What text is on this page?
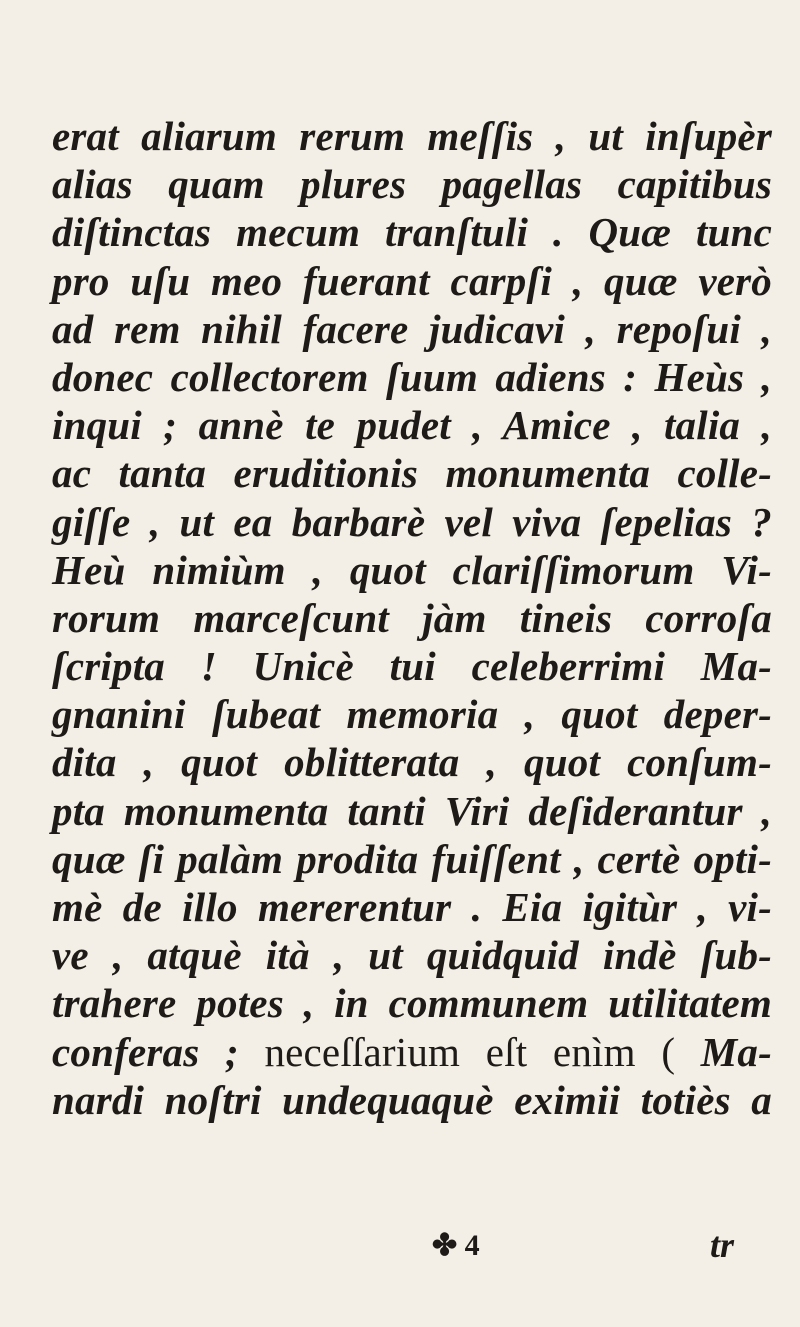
erat aliarum rerum meſſis , ut inſupèr
alias quam plures pagellas capitibus
diſtinctas mecum tranſtuli . Quæ tunc
pro uſu meo fuerant carpſi , quæ verò
ad rem nihil facere judicavi , repoſui ,
donec collectorem ſuum adiens : Heùs ,
inqui ; annè te pudet , Amice , talia ,
ac tanta eruditionis monumenta colle-
giſſe , ut ea barbarè vel viva ſepelias ?
Heù nimiùm , quot clariſſimorum Vi-
rorum marceſcunt jàm tineis corroſa
ſcripta ! Unicè tui celeberrimi Ma-
gnanini ſubeat memoria , quot deper-
dita , quot oblitterata , quot conſum-
pta monumenta tanti Viri deſiderantur ,
quæ ſi palàm prodita fuiſſent , certè opti-
mè de illo mererentur . Eia igitùr , vi-
ve , atquè ità , ut quidquid indè ſub-
trahere potes , in communem utilitatem
conferas ; neceſſarium eſt enìm ( Ma-
nardi noſtri undequaquè eximii totiès a
✤ 4	tr
